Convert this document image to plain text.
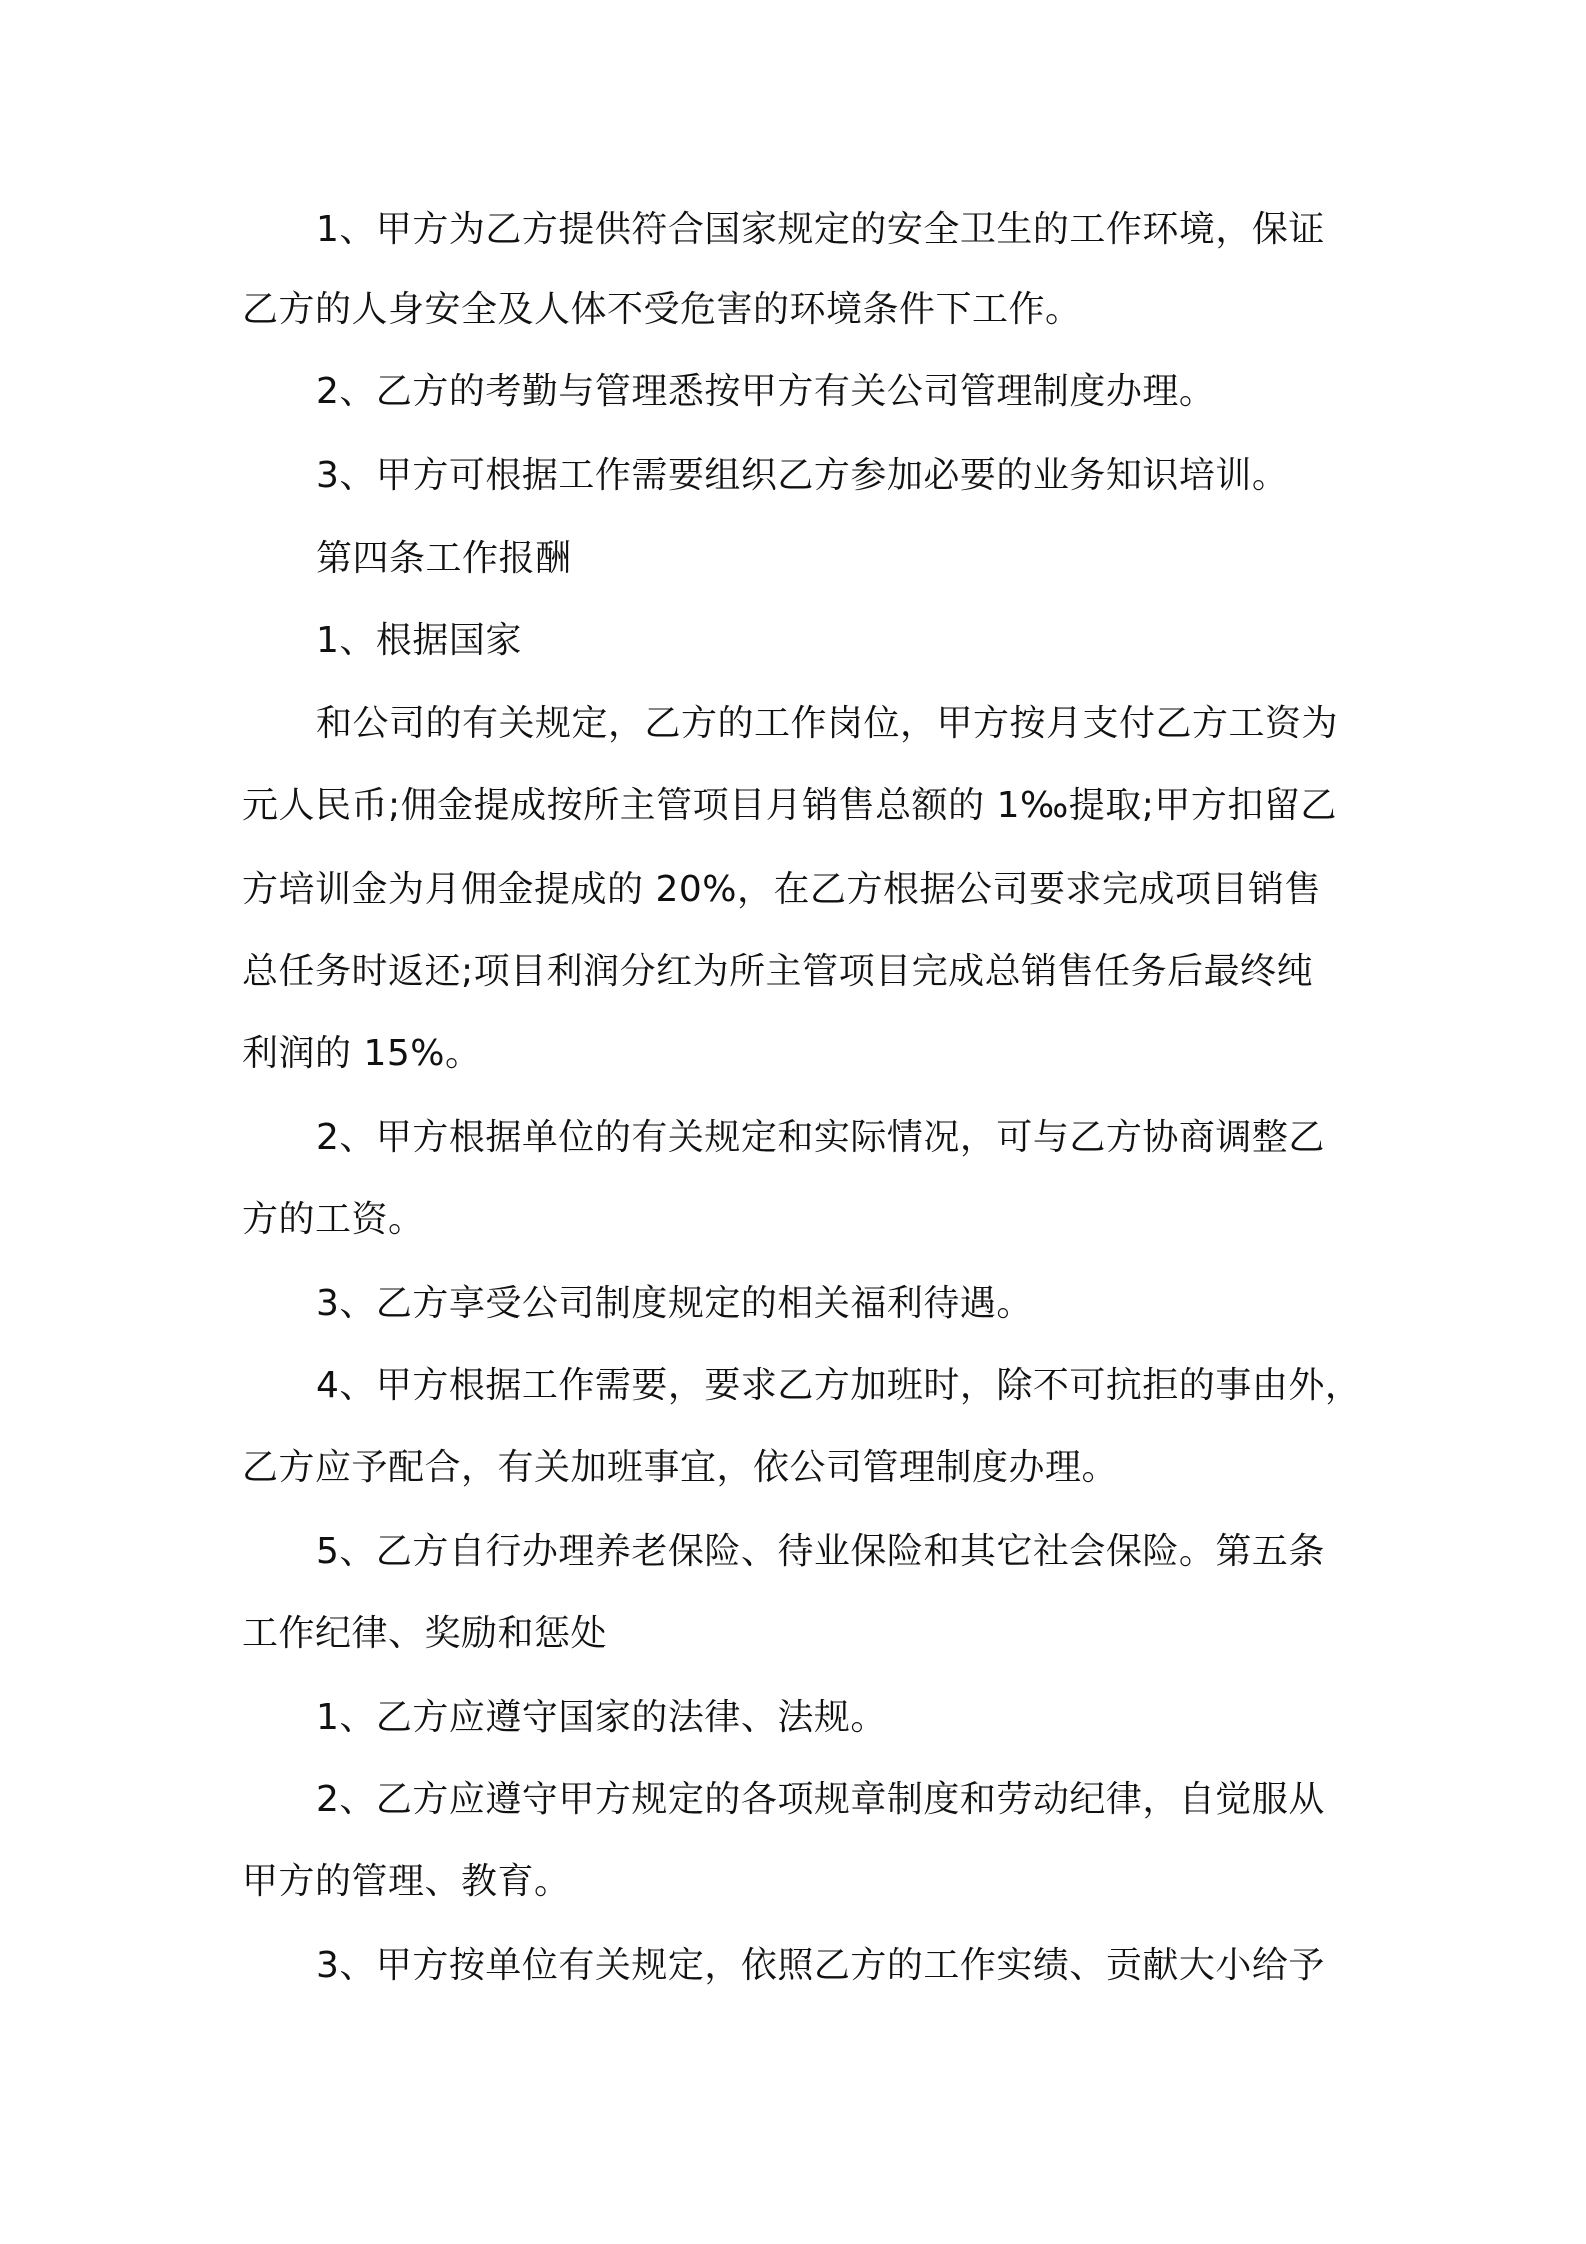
1、甲方为乙方提供符合国家规定的安全卫生的工作环境，保证
乙方的人身安全及人体不受危害的环境条件下工作。
2、乙方的考勤与管理悉按甲方有关公司管理制度办理。
3、甲方可根据工作需要组织乙方参加必要的业务知识培训。
第四条工作报酬
1、根据国家
和公司的有关规定，乙方的工作岗位，甲方按月支付乙方工资为
元人民币;佣金提成按所主管项目月销售总额的 1‰提取;甲方扣留乙
方培训金为月佣金提成的 20%，在乙方根据公司要求完成项目销售
总任务时返还;项目利润分红为所主管项目完成总销售任务后最终纯
利润的 15%。
2、甲方根据单位的有关规定和实际情况，可与乙方协商调整乙
方的工资。
3、乙方享受公司制度规定的相关福利待遇。
4、甲方根据工作需要，要求乙方加班时，除不可抗拒的事由外，
乙方应予配合，有关加班事宜，依公司管理制度办理。
5、乙方自行办理养老保险、待业保险和其它社会保险。第五条
工作纪律、奖励和惩处
1、乙方应遵守国家的法律、法规。
2、乙方应遵守甲方规定的各项规章制度和劳动纪律，自觉服从
甲方的管理、教育。
3、甲方按单位有关规定，依照乙方的工作实绩、贡献大小给予
